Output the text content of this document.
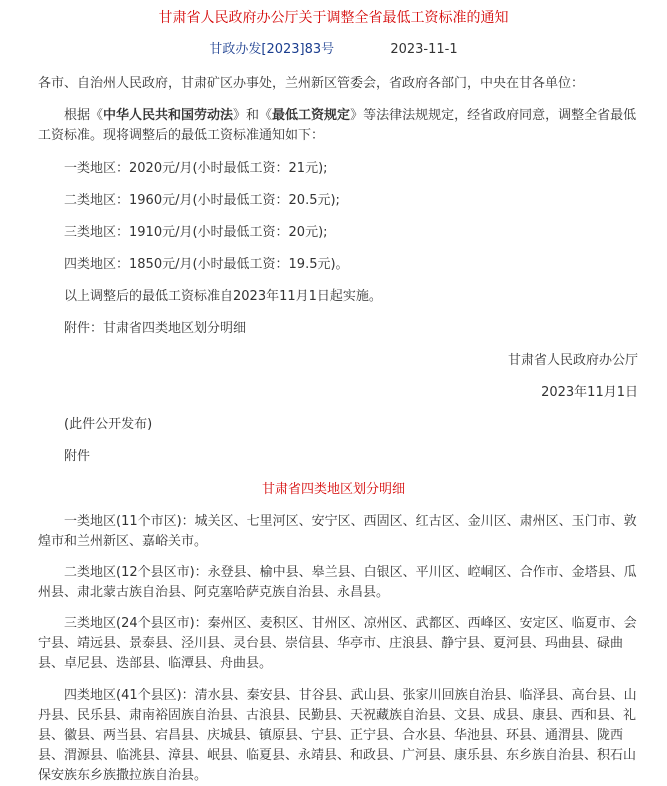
甘肃省人民政府办公厅关于调整全省最低工资标准的通知
甘政办发[2023]83号	2023-11-1
各市、自治州人民政府，甘肃矿区办事处，兰州新区管委会，省政府各部门，中央在甘各单位：
根据《中华人民共和国劳动法》和《最低工资规定》等法律法规规定，经省政府同意，调整全省最低工资标准。现将调整后的最低工资标准通知如下：
一类地区：2020元/月(小时最低工资：21元);
二类地区：1960元/月(小时最低工资：20.5元);
三类地区：1910元/月(小时最低工资：20元);
四类地区：1850元/月(小时最低工资：19.5元)。
以上调整后的最低工资标准自2023年11月1日起实施。
附件：甘肃省四类地区划分明细
甘肃省人民政府办公厅
2023年11月1日
(此件公开发布)
附件
甘肃省四类地区划分明细
一类地区(11个市区)：城关区、七里河区、安宁区、西固区、红古区、金川区、肃州区、玉门市、敦煌市和兰州新区、嘉峪关市。
二类地区(12个县区市)：永登县、榆中县、皋兰县、白银区、平川区、崆峒区、合作市、金塔县、瓜州县、肃北蒙古族自治县、阿克塞哈萨克族自治县、永昌县。
三类地区(24个县区市)：秦州区、麦积区、甘州区、凉州区、武都区、西峰区、安定区、临夏市、会宁县、靖远县、景泰县、泾川县、灵台县、崇信县、华亭市、庄浪县、静宁县、夏河县、玛曲县、碌曲县、卓尼县、迭部县、临潭县、舟曲县。
四类地区(41个县区)：清水县、秦安县、甘谷县、武山县、张家川回族自治县、临泽县、高台县、山丹县、民乐县、肃南裕固族自治县、古浪县、民勤县、天祝藏族自治县、文县、成县、康县、西和县、礼县、徽县、两当县、宕昌县、庆城县、镇原县、宁县、正宁县、合水县、华池县、环县、通渭县、陇西县、渭源县、临洮县、漳县、岷县、临夏县、永靖县、和政县、广河县、康乐县、东乡族自治县、积石山保安族东乡族撒拉族自治县。
